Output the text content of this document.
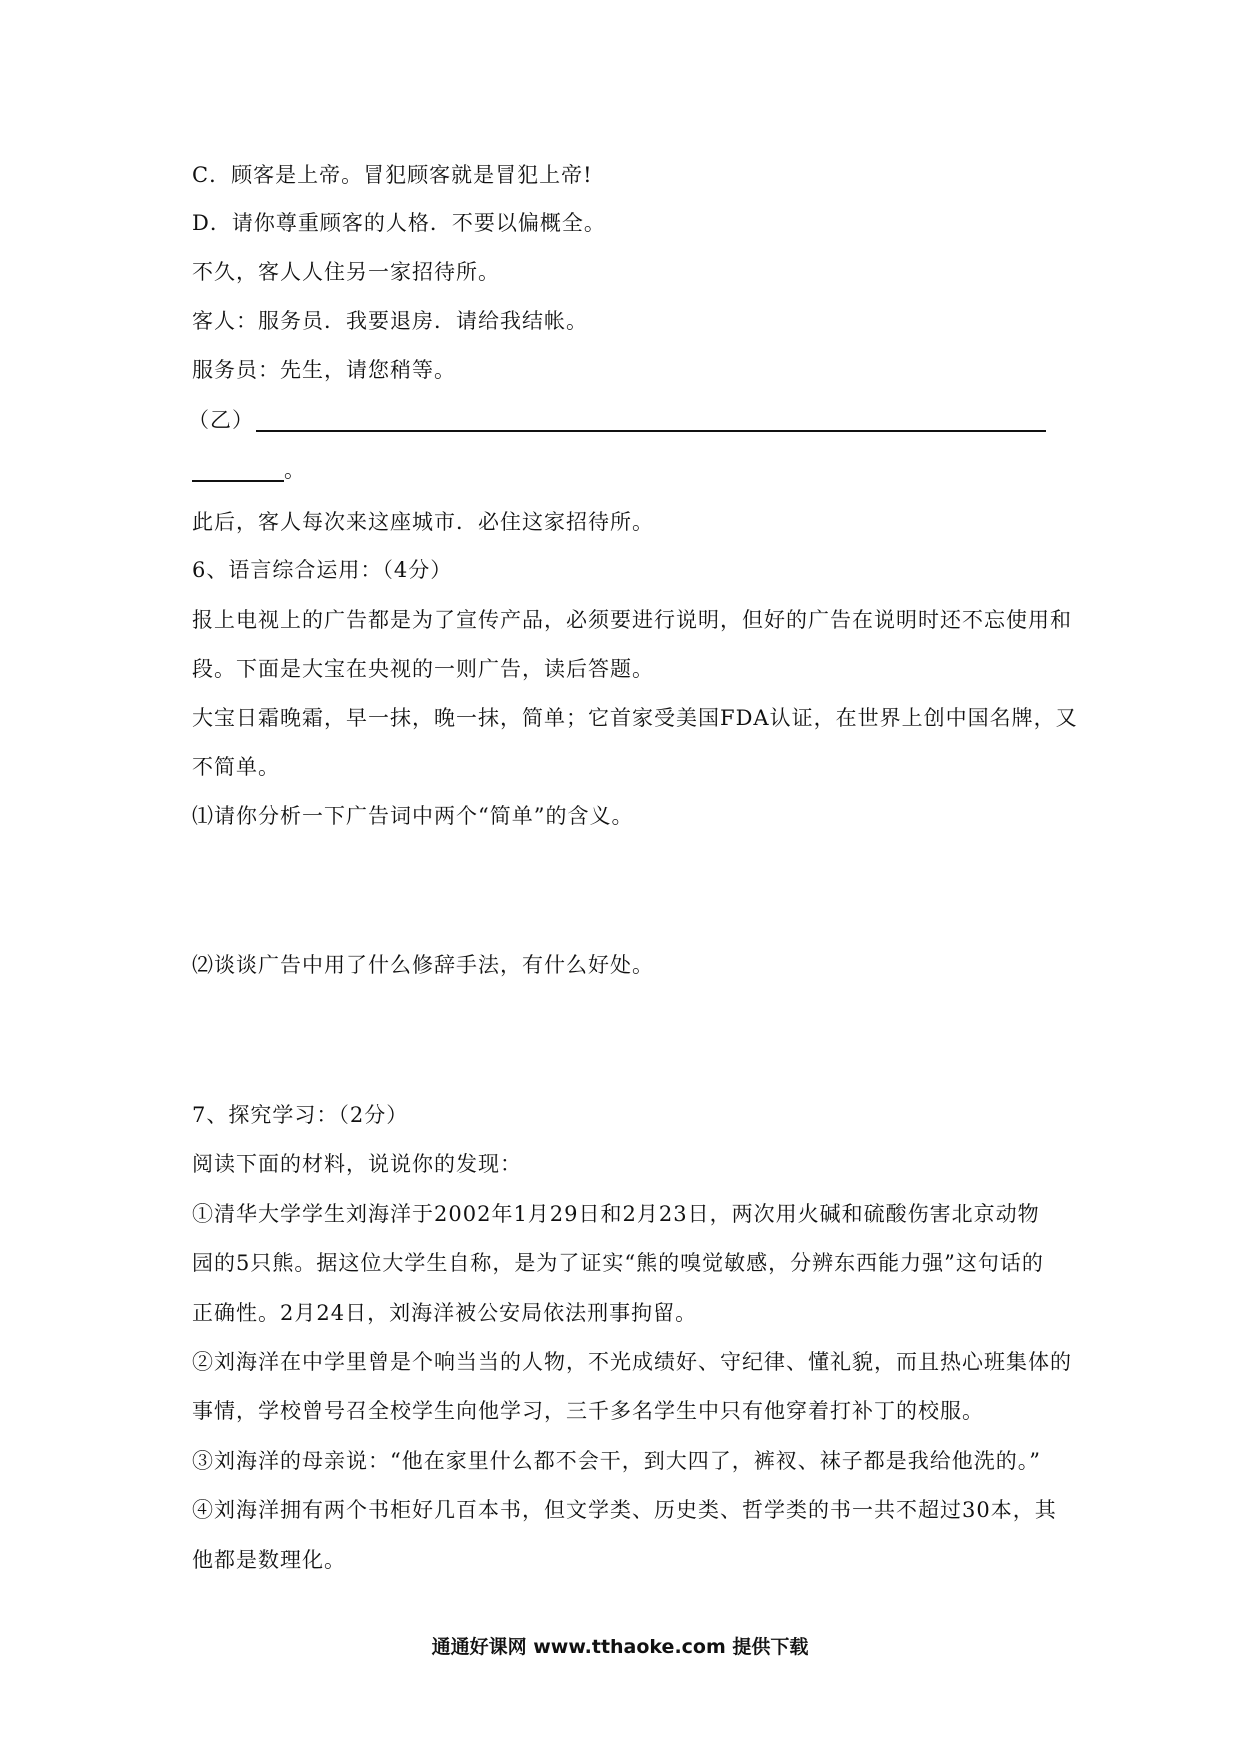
C．顾客是上帝。冒犯顾客就是冒犯上帝!
D．请你尊重顾客的人格．不要以偏概全。
不久，客人人住另一家招待所。
客人：服务员．我要退房．请给我结帐。
服务员：先生，请您稍等。
（乙）
。
此后，客人每次来这座城市．必住这家招待所。
6、语言综合运用：（4分）
报上电视上的广告都是为了宣传产品，必须要进行说明，但好的广告在说明时还不忘使用和
段。下面是大宝在央视的一则广告，读后答题。
大宝日霜晚霜，早一抹，晚一抹，简单；它首家受美国FDA认证，在世界上创中国名牌，又
不简单。
⑴请你分析一下广告词中两个“简单”的含义。
⑵谈谈广告中用了什么修辞手法，有什么好处。
7、探究学习：（2分）
阅读下面的材料，说说你的发现：
①清华大学学生刘海洋于2002年1月29日和2月23日，两次用火碱和硫酸伤害北京动物
园的5只熊。据这位大学生自称，是为了证实“熊的嗅觉敏感，分辨东西能力强”这句话的
正确性。2月24日，刘海洋被公安局依法刑事拘留。
②刘海洋在中学里曾是个响当当的人物，不光成绩好、守纪律、懂礼貌，而且热心班集体的
事情，学校曾号召全校学生向他学习，三千多名学生中只有他穿着打补丁的校服。
③刘海洋的母亲说：“他在家里什么都不会干，到大四了，裤衩、袜子都是我给他洗的。”
④刘海洋拥有两个书柜好几百本书，但文学类、历史类、哲学类的书一共不超过30本，其
他都是数理化。
通通好课网 www.tthaoke.com 提供下载
